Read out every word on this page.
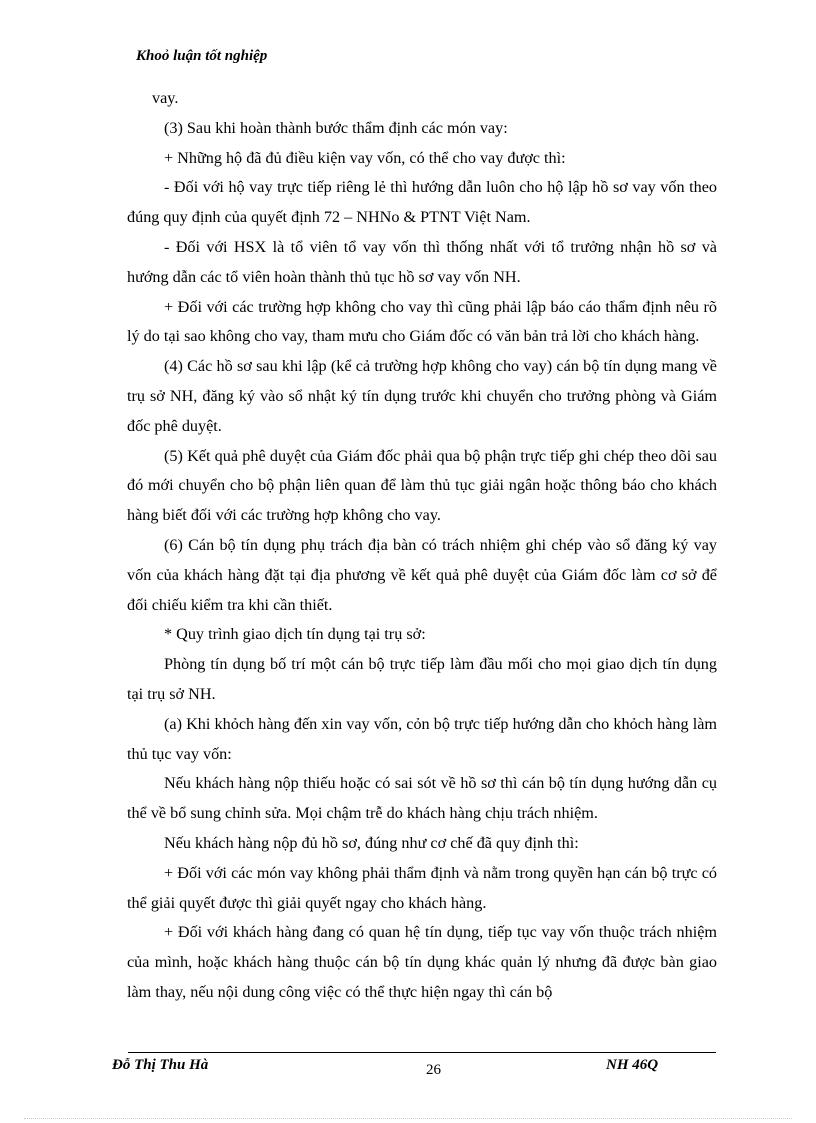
Khoỏ luận tốt nghiệp

vay.

(3) Sau khi hoàn thành bước thẩm định các món vay:

+ Những hộ đã đủ điều kiện vay vốn, có thể cho vay được thì:

- Đối với hộ vay trực tiếp riêng lẻ thì hướng dẫn luôn cho hộ lập hồ sơ vay vốn theo đúng quy định của quyết định 72 – NHNo & PTNT Việt Nam.

- Đối với HSX là tổ viên tổ vay vốn thì thống nhất với tổ trưởng nhận hồ sơ và hướng dẫn các tổ viên hoàn thành thủ tục hồ sơ vay vốn NH.

+ Đối với các trường hợp không cho vay thì cũng phải lập báo cáo thẩm định nêu rõ lý do tại sao không cho vay, tham mưu cho Giám đốc có văn bản trả lời cho khách hàng.

(4) Các hồ sơ sau khi lập (kể cả trường hợp không cho vay) cán bộ tín dụng mang về trụ sở NH, đăng ký vào sổ nhật ký tín dụng trước khi chuyển cho trưởng phòng và Giám đốc phê duyệt.

(5) Kết quả phê duyệt của Giám đốc phải qua bộ phận trực tiếp ghi chép theo dõi sau đó mới chuyển cho bộ phận liên quan để làm thủ tục giải ngân hoặc thông báo cho khách hàng biết đối với các trường hợp không cho vay.

(6) Cán bộ tín dụng phụ trách địa bàn có trách nhiệm ghi chép vào sổ đăng ký vay vốn của khách hàng đặt tại địa phương về kết quả phê duyệt của Giám đốc làm cơ sở để đối chiếu kiểm tra khi cần thiết.

* Quy trình giao dịch tín dụng tại trụ sở:

Phòng tín dụng bố trí một cán bộ trực tiếp làm đầu mối cho mọi giao dịch tín dụng tại trụ sở NH.

(a) Khi khỏch hàng đến xin vay vốn, cỏn bộ trực tiếp hướng dẫn cho khỏch hàng làm thủ tục vay vốn:

Nếu khách hàng nộp thiếu hoặc có sai sót về hồ sơ thì cán bộ tín dụng hướng dẫn cụ thể về bổ sung chỉnh sửa. Mọi chậm trễ do khách hàng chịu trách nhiệm.

Nếu khách hàng nộp đủ hồ sơ, đúng như cơ chế đã quy định thì:

+ Đối với các món vay không phải thẩm định và nằm trong quyền hạn cán bộ trực có thể giải quyết được thì giải quyết ngay cho khách hàng.

+ Đối với khách hàng đang có quan hệ tín dụng, tiếp tục vay vốn thuộc trách nhiệm của mình, hoặc khách hàng thuộc cán bộ tín dụng khác quản lý nhưng đã được bàn giao làm thay, nếu nội dung công việc có thể thực hiện ngay thì cán bộ

Đỗ Thị Thu Hà	26	NH 46Q
